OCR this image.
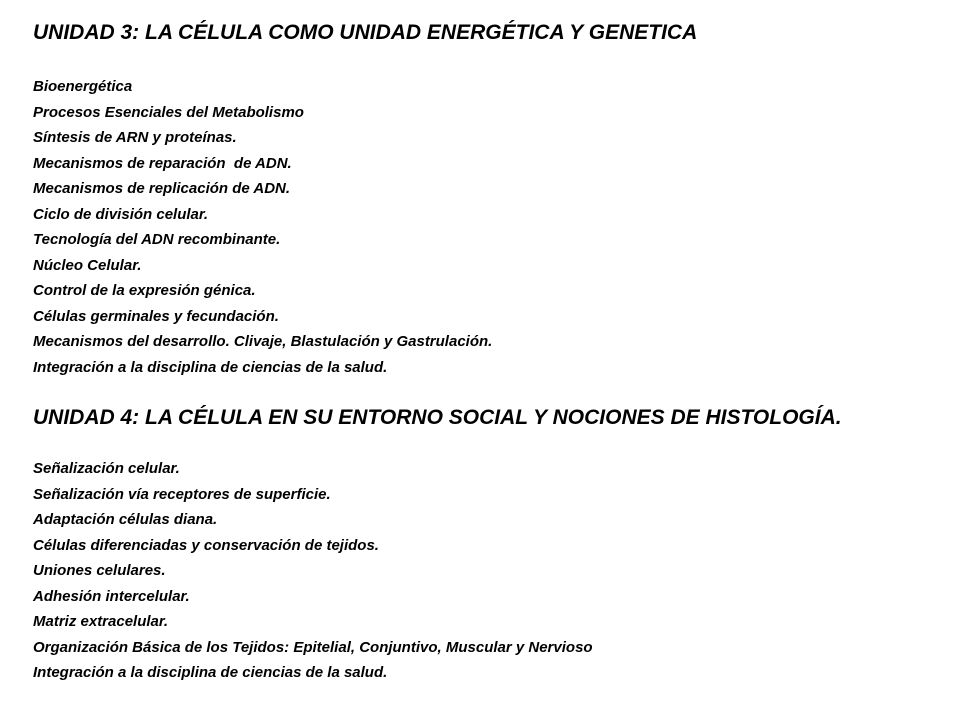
UNIDAD 3: LA CÉLULA COMO UNIDAD ENERGÉTICA Y GENETICA
Bioenergética
Procesos Esenciales del Metabolismo
Síntesis de ARN y proteínas.
Mecanismos de reparación  de ADN.
Mecanismos de replicación de ADN.
Ciclo de división celular.
Tecnología del ADN recombinante.
Núcleo Celular.
Control de la expresión génica.
Células germinales y fecundación.
Mecanismos del desarrollo. Clivaje, Blastulación y Gastrulación.
Integración a la disciplina de ciencias de la salud.
UNIDAD 4: LA CÉLULA EN SU ENTORNO SOCIAL Y NOCIONES DE HISTOLOGÍA.
Señalización celular.
Señalización vía receptores de superficie.
Adaptación células diana.
Células diferenciadas y conservación de tejidos.
Uniones celulares.
Adhesión intercelular.
Matriz extracelular.
Organización Básica de los Tejidos: Epitelial, Conjuntivo, Muscular y Nervioso
Integración a la disciplina de ciencias de la salud.
